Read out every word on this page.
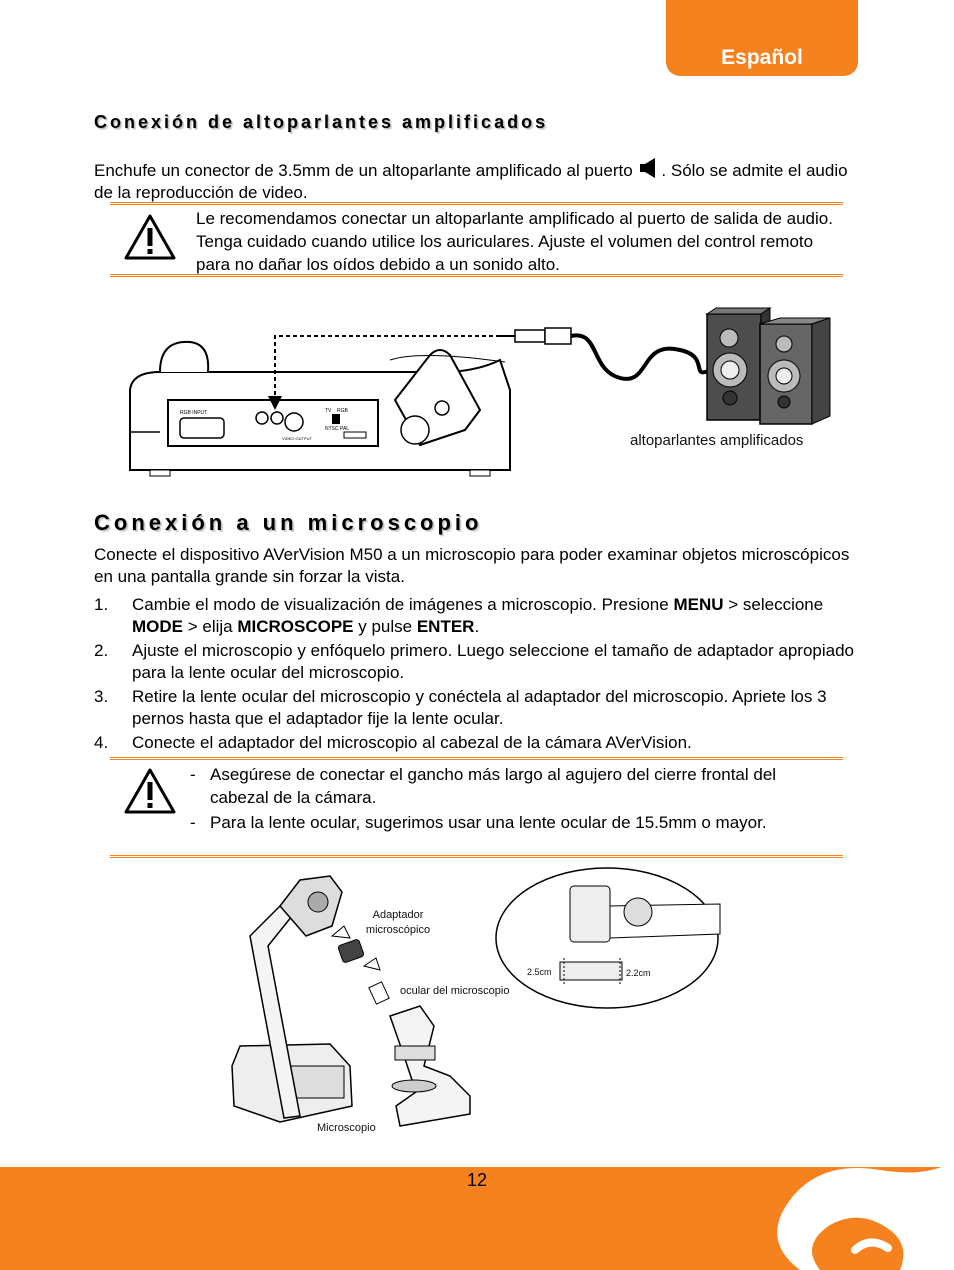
Español
Conexión de altoparlantes amplificados

Enchufe un conector de 3.5mm de un altoparlante amplificado al puerto . Sólo se admite el audio de la reproducción de video.

Le recomendamos conectar un altoparlante amplificado al puerto de salida de audio. Tenga cuidado cuando utilice los auriculares. Ajuste el volumen del control remoto para no dañar los oídos debido a un sonido alto.

RGB INPUT	TV RGB
NTSC PAL
VIDEO OUTPUT	altoparlantes amplificados
Conexión a un microscopio

Conecte el dispositivo AVerVision M50 a un microscopio para poder examinar objetos microscópicos en una pantalla grande sin forzar la vista.

1. Cambie el modo de visualización de imágenes a microscopio. Presione MENU > seleccione MODE > elija MICROSCOPE y pulse ENTER.
2. Ajuste el microscopio y enfóquelo primero. Luego seleccione el tamaño de adaptador apropiado para la lente ocular del microscopio.
3. Retire la lente ocular del microscopio y conéctela al adaptador del microscopio. Apriete los 3 pernos hasta que el adaptador fije la lente ocular.
4. Conecte el adaptador del microscopio al cabezal de la cámara AVerVision.
- Asegúrese de conectar el gancho más largo al agujero del cierre frontal del cabezal de la cámara.
- Para la lente ocular, sugerimos usar una lente ocular de 15.5mm o mayor.
Adaptador microscópico
ocular del microscopio
Microscopio
2.5cm	2.2cm
12
